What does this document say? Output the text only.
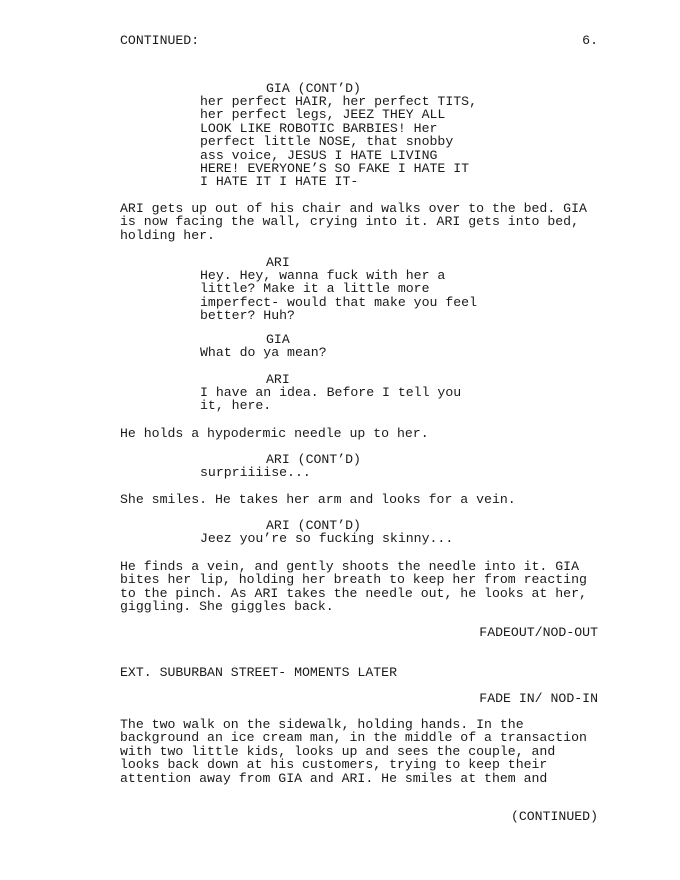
CONTINUED:	6.
GIA (CONT’D)
her perfect HAIR, her perfect TITS,
her perfect legs, JEEZ THEY ALL
LOOK LIKE ROBOTIC BARBIES! Her
perfect little NOSE, that snobby
ass voice, JESUS I HATE LIVING
HERE! EVERYONE’S SO FAKE I HATE IT
I HATE IT I HATE IT-
ARI gets up out of his chair and walks over to the bed. GIA
is now facing the wall, crying into it. ARI gets into bed,
holding her.
ARI
Hey. Hey, wanna fuck with her a
little? Make it a little more
imperfect- would that make you feel
better? Huh?
GIA
What do ya mean?
ARI
I have an idea. Before I tell you
it, here.
He holds a hypodermic needle up to her.
ARI (CONT’D)
surpriiiise...
She smiles. He takes her arm and looks for a vein.
ARI (CONT’D)
Jeez you’re so fucking skinny...
He finds a vein, and gently shoots the needle into it. GIA
bites her lip, holding her breath to keep her from reacting
to the pinch. As ARI takes the needle out, he looks at her,
giggling. She giggles back.
FADEOUT/NOD-OUT
EXT. SUBURBAN STREET- MOMENTS LATER
FADE IN/ NOD-IN
The two walk on the sidewalk, holding hands. In the
background an ice cream man, in the middle of a transaction
with two little kids, looks up and sees the couple, and
looks back down at his customers, trying to keep their
attention away from GIA and ARI. He smiles at them and
(CONTINUED)
